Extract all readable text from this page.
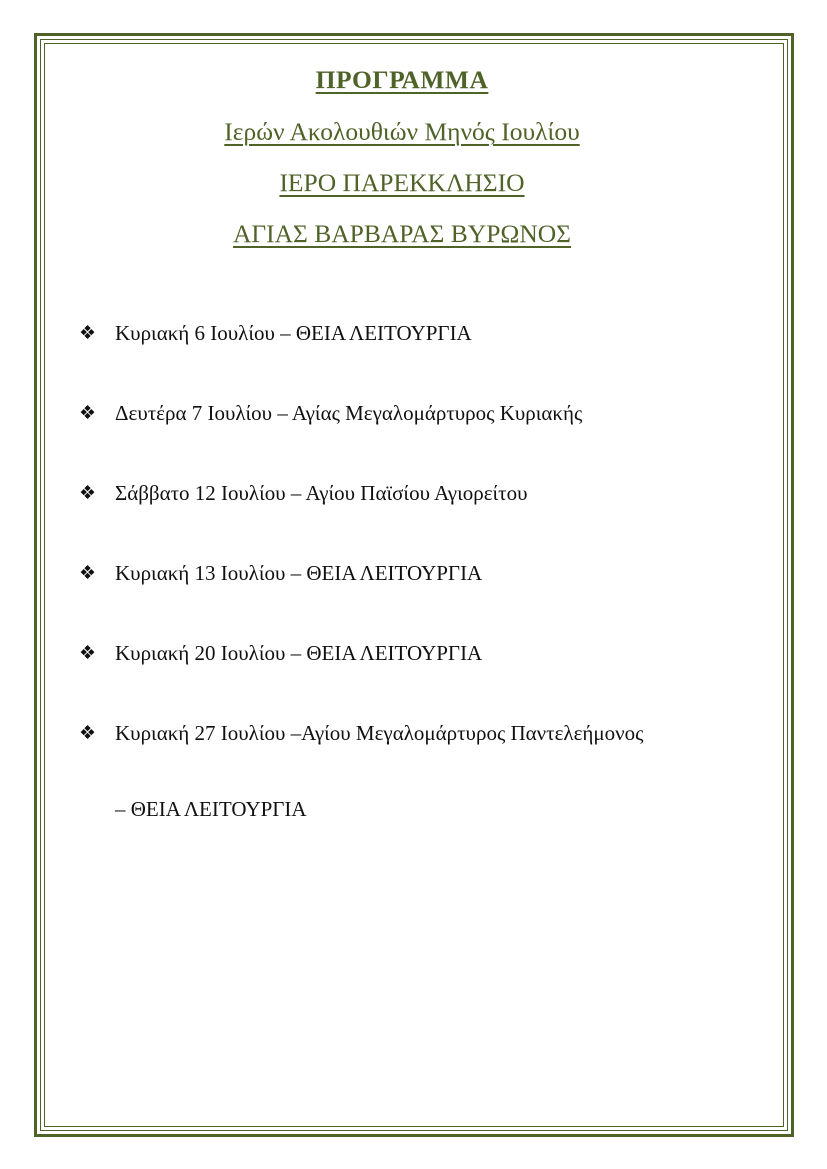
ΠΡΟΓΡΑΜΜΑ
Ιερών Ακολουθιών Μηνός Ιουλίου
ΙΕΡΟ ΠΑΡΕΚΚΛΗΣΙΟ
ΑΓΙΑΣ ΒΑΡΒΑΡΑΣ ΒΥΡΩΝΟΣ
❖ Κυριακή 6 Ιουλίου – ΘΕΙΑ ΛΕΙΤΟΥΡΓΙΑ
❖ Δευτέρα 7 Ιουλίου – Αγίας Μεγαλομάρτυρος Κυριακής
❖ Σάββατο 12 Ιουλίου – Αγίου Παϊσίου Αγιορείτου
❖ Κυριακή 13 Ιουλίου – ΘΕΙΑ ΛΕΙΤΟΥΡΓΙΑ
❖ Κυριακή 20 Ιουλίου – ΘΕΙΑ ΛΕΙΤΟΥΡΓΙΑ
❖ Κυριακή 27 Ιουλίου –Αγίου Μεγαλομάρτυρος Παντελεήμονος
– ΘΕΙΑ ΛΕΙΤΟΥΡΓΙΑ
